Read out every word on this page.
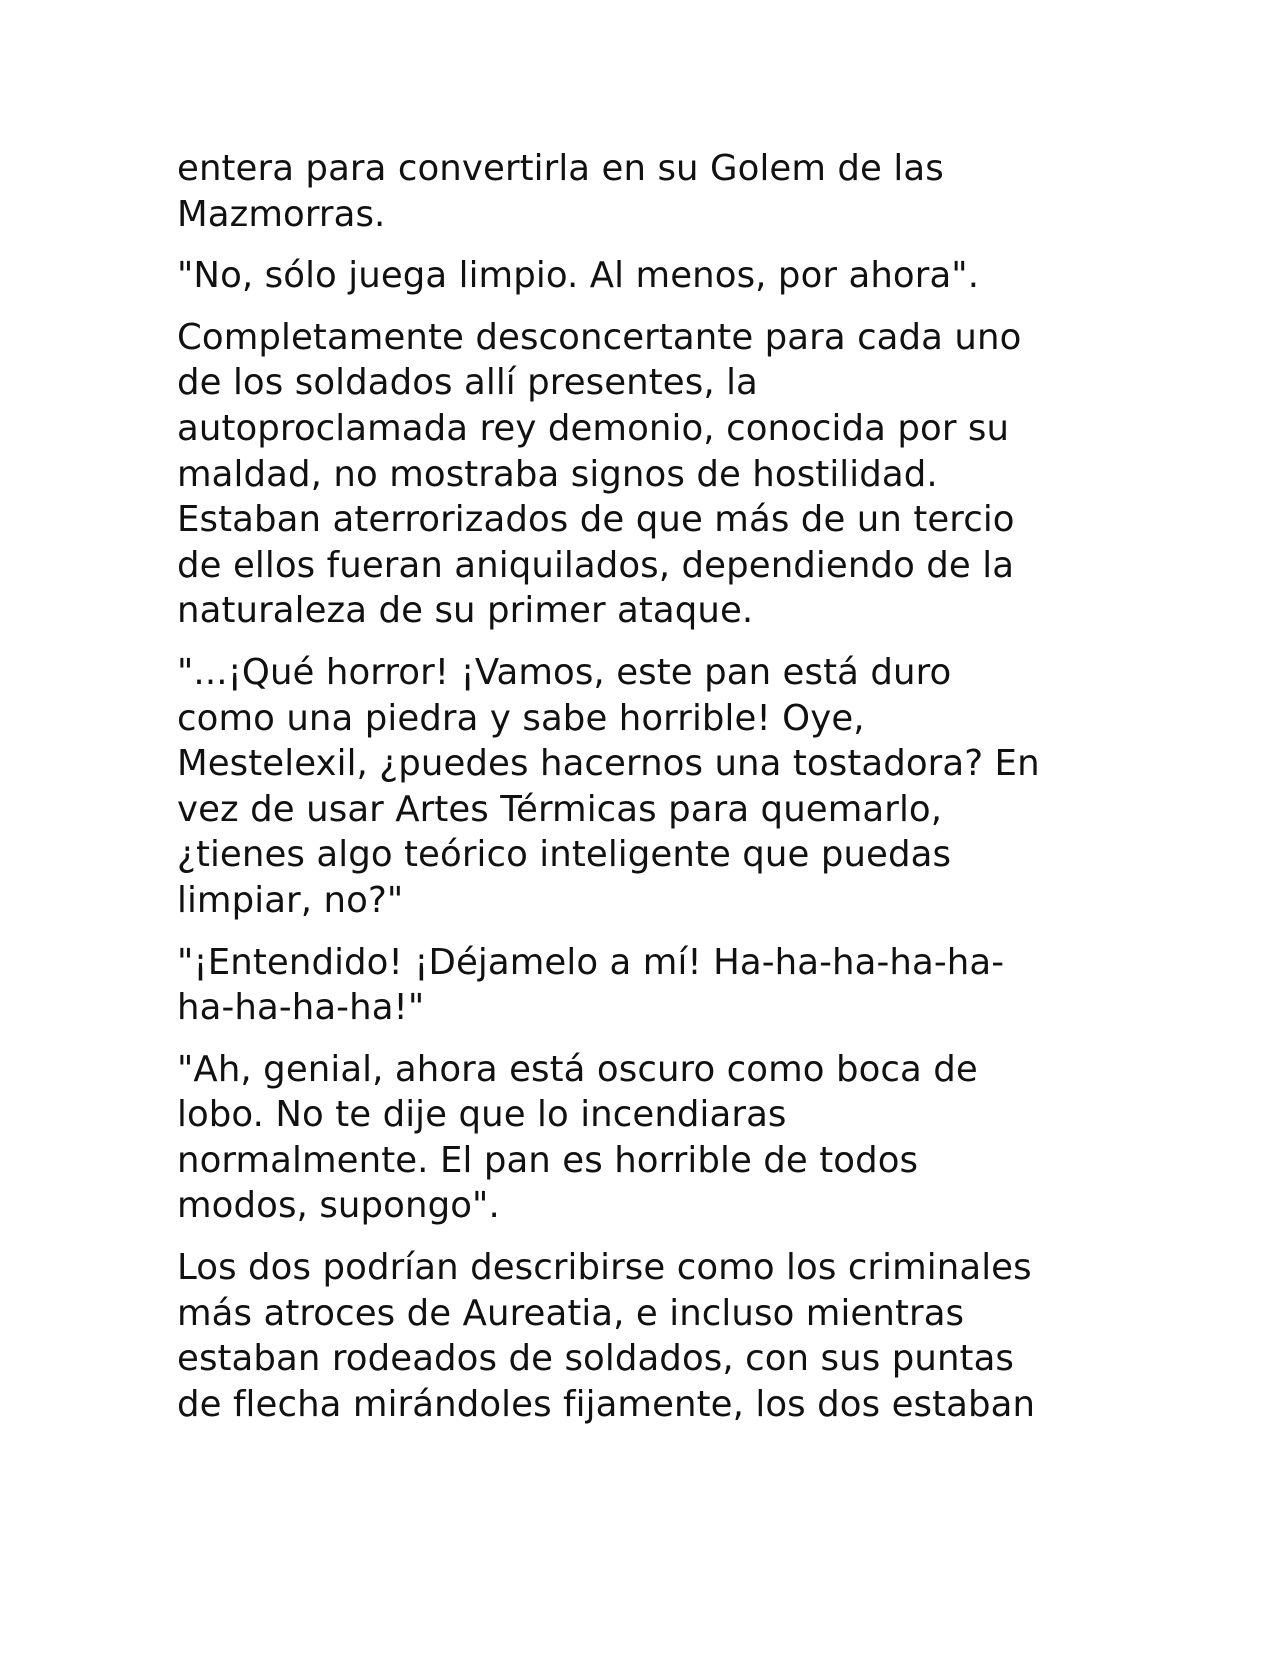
entera para convertirla en su Golem de las
Mazmorras.

"No, sólo juega limpio. Al menos, por ahora".

Completamente desconcertante para cada uno
de los soldados allí presentes, la
autoproclamada rey demonio, conocida por su
maldad, no mostraba signos de hostilidad.
Estaban aterrorizados de que más de un tercio
de ellos fueran aniquilados, dependiendo de la
naturaleza de su primer ataque.

"...¡Qué horror! ¡Vamos, este pan está duro
como una piedra y sabe horrible! Oye,
Mestelexil, ¿puedes hacernos una tostadora? En
vez de usar Artes Térmicas para quemarlo,
¿tienes algo teórico inteligente que puedas
limpiar, no?"

"¡Entendido! ¡Déjamelo a mí! Ha-ha-ha-ha-ha-
ha-ha-ha-ha!"

"Ah, genial, ahora está oscuro como boca de
lobo. No te dije que lo incendiaras
normalmente. El pan es horrible de todos
modos, supongo".

Los dos podrían describirse como los criminales
más atroces de Aureatia, e incluso mientras
estaban rodeados de soldados, con sus puntas
de flecha mirándoles fijamente, los dos estaban
